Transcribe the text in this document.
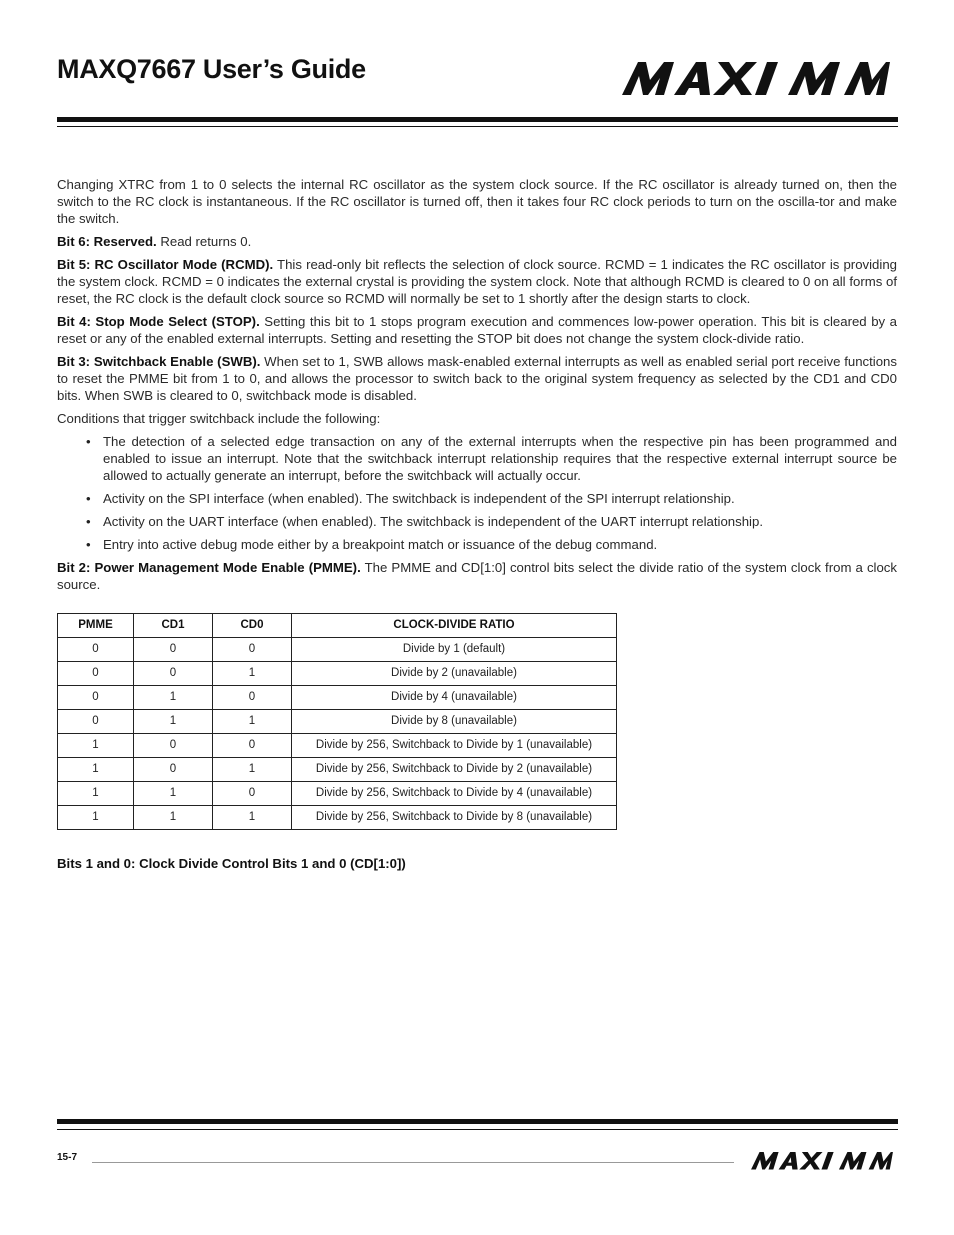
MAXQ7667 User’s Guide

Changing XTRC from 1 to 0 selects the internal RC oscillator as the system clock source. If the RC oscillator is already turned on, then the switch to the RC clock is instantaneous. If the RC oscillator is turned off, then it takes four RC clock periods to turn on the oscilla-tor and make the switch.

Bit 6: Reserved. Read returns 0.

Bit 5: RC Oscillator Mode (RCMD). This read-only bit reflects the selection of clock source. RCMD = 1 indicates the RC oscillator is providing the system clock. RCMD = 0 indicates the external crystal is providing the system clock. Note that although RCMD is cleared to 0 on all forms of reset, the RC clock is the default clock source so RCMD will normally be set to 1 shortly after the design starts to clock.

Bit 4: Stop Mode Select (STOP). Setting this bit to 1 stops program execution and commences low-power operation. This bit is cleared by a reset or any of the enabled external interrupts. Setting and resetting the STOP bit does not change the system clock-divide ratio.

Bit 3: Switchback Enable (SWB). When set to 1, SWB allows mask-enabled external interrupts as well as enabled serial port receive functions to reset the PMME bit from 1 to 0, and allows the processor to switch back to the original system frequency as selected by the CD1 and CD0 bits. When SWB is cleared to 0, switchback mode is disabled.

Conditions that trigger switchback include the following:

• The detection of a selected edge transaction on any of the external interrupts when the respective pin has been programmed and enabled to issue an interrupt. Note that the switchback interrupt relationship requires that the respective external interrupt source be allowed to actually generate an interrupt, before the switchback will actually occur.
• Activity on the SPI interface (when enabled). The switchback is independent of the SPI interrupt relationship.
• Activity on the UART interface (when enabled). The switchback is independent of the UART interrupt relationship.
• Entry into active debug mode either by a breakpoint match or issuance of the debug command.

Bit 2: Power Management Mode Enable (PMME). The PMME and CD[1:0] control bits select the divide ratio of the system clock from a clock source.

PMME	CD1	CD0	CLOCK-DIVIDE RATIO
0	0	0	Divide by 1 (default)
0	0	1	Divide by 2 (unavailable)
0	1	0	Divide by 4 (unavailable)
0	1	1	Divide by 8 (unavailable)
1	0	0	Divide by 256, Switchback to Divide by 1 (unavailable)
1	0	1	Divide by 256, Switchback to Divide by 2 (unavailable)
1	1	0	Divide by 256, Switchback to Divide by 4 (unavailable)
1	1	1	Divide by 256, Switchback to Divide by 8 (unavailable)
Bits 1 and 0: Clock Divide Control Bits 1 and 0 (CD[1:0])
15-7
